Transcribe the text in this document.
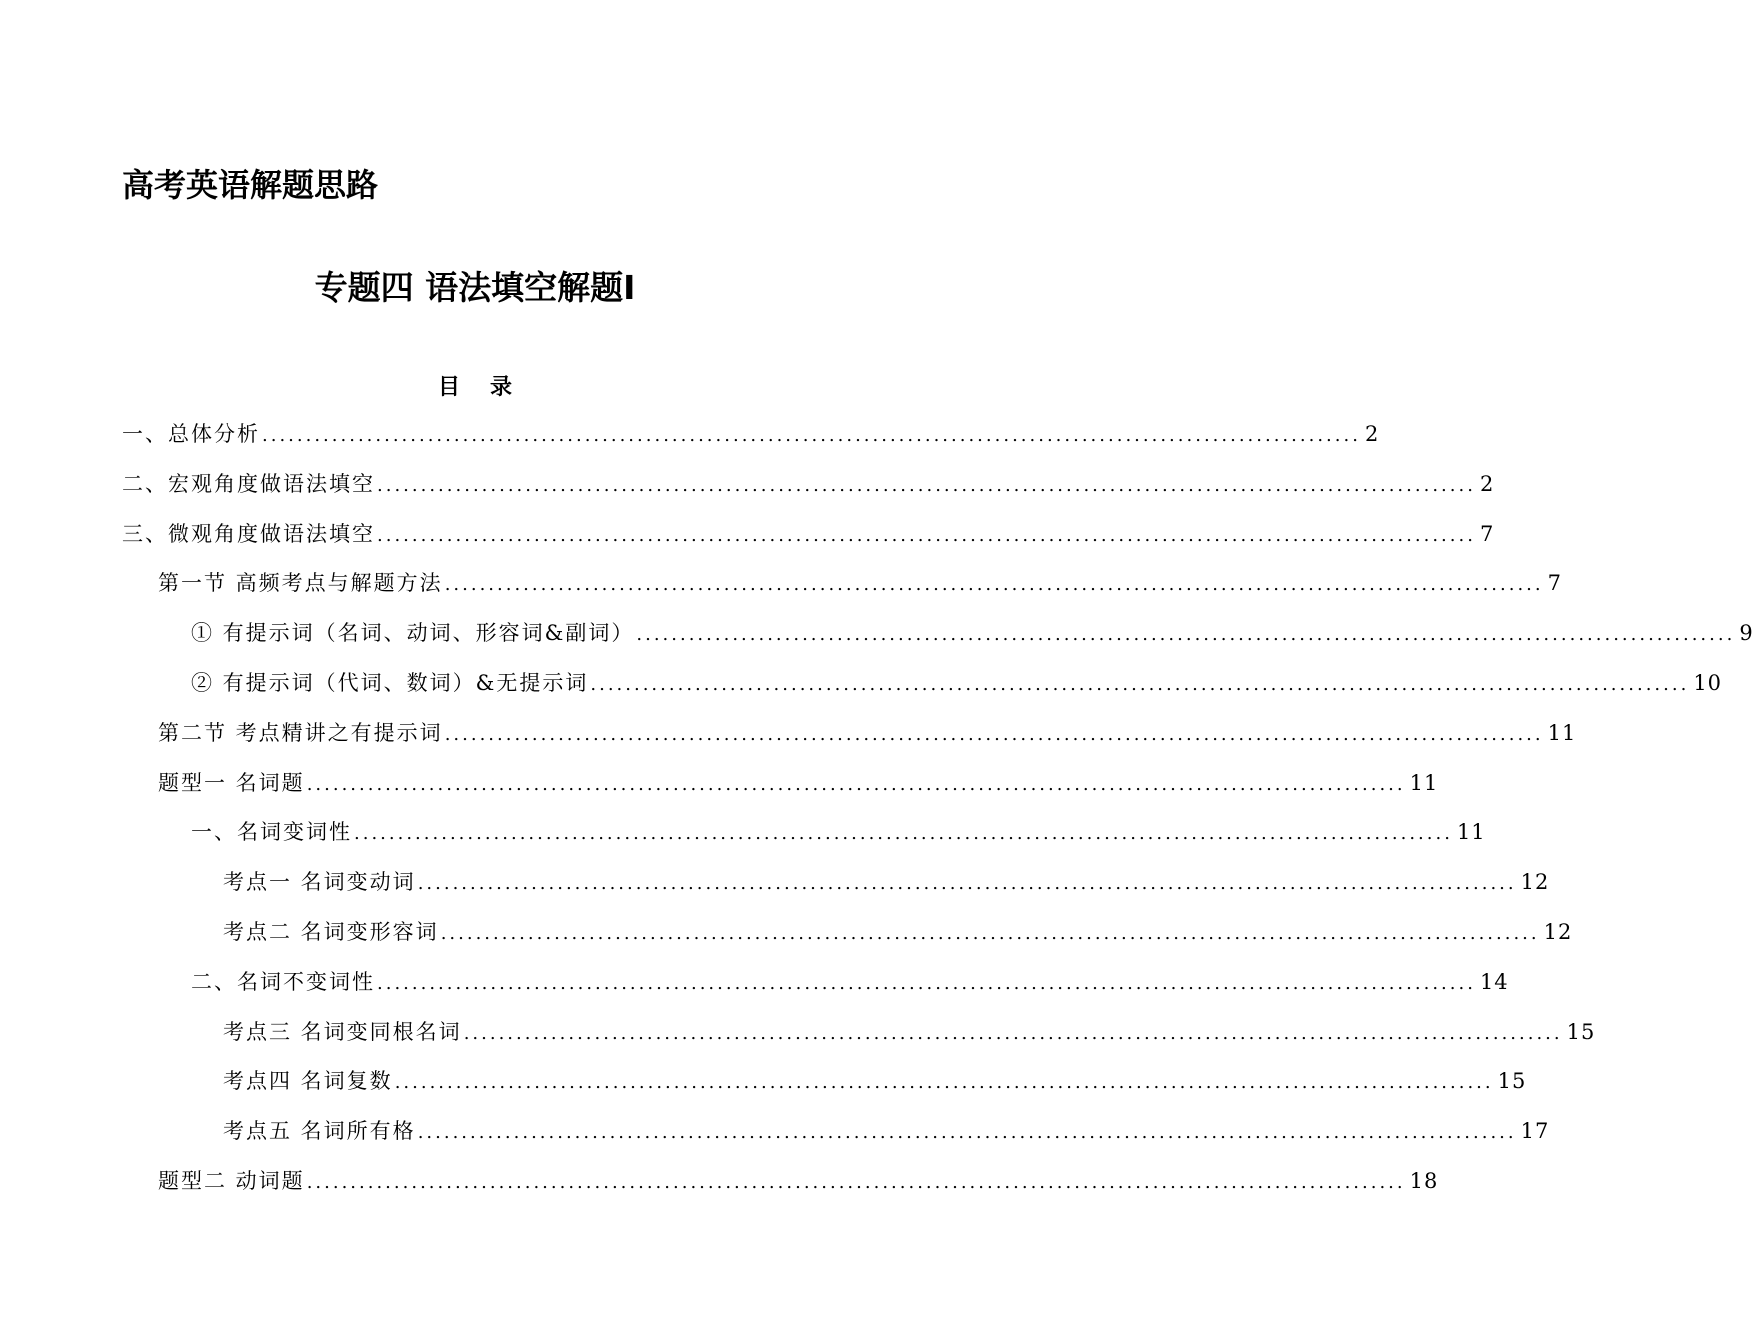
高考英语解题思路
专题四 语法填空解题Ⅰ
目录
一、总体分析 .............................................................................................................................. 2
二、宏观角度做语法填空 .............................................................................................................................. 2
三、微观角度做语法填空 .............................................................................................................................. 7
第一节 高频考点与解题方法 .............................................................................................................................. 7
① 有提示词（名词、动词、形容词&副词） .............................................................................................................................. 9
② 有提示词（代词、数词）&无提示词 .............................................................................................................................. 10
第二节 考点精讲之有提示词 .............................................................................................................................. 11
题型一 名词题 .............................................................................................................................. 11
一、名词变词性 .............................................................................................................................. 11
考点一 名词变动词 .............................................................................................................................. 12
考点二 名词变形容词 .............................................................................................................................. 12
二、名词不变词性 .............................................................................................................................. 14
考点三 名词变同根名词 .............................................................................................................................. 15
考点四 名词复数 .............................................................................................................................. 15
考点五 名词所有格 .............................................................................................................................. 17
题型二 动词题 .............................................................................................................................. 18
